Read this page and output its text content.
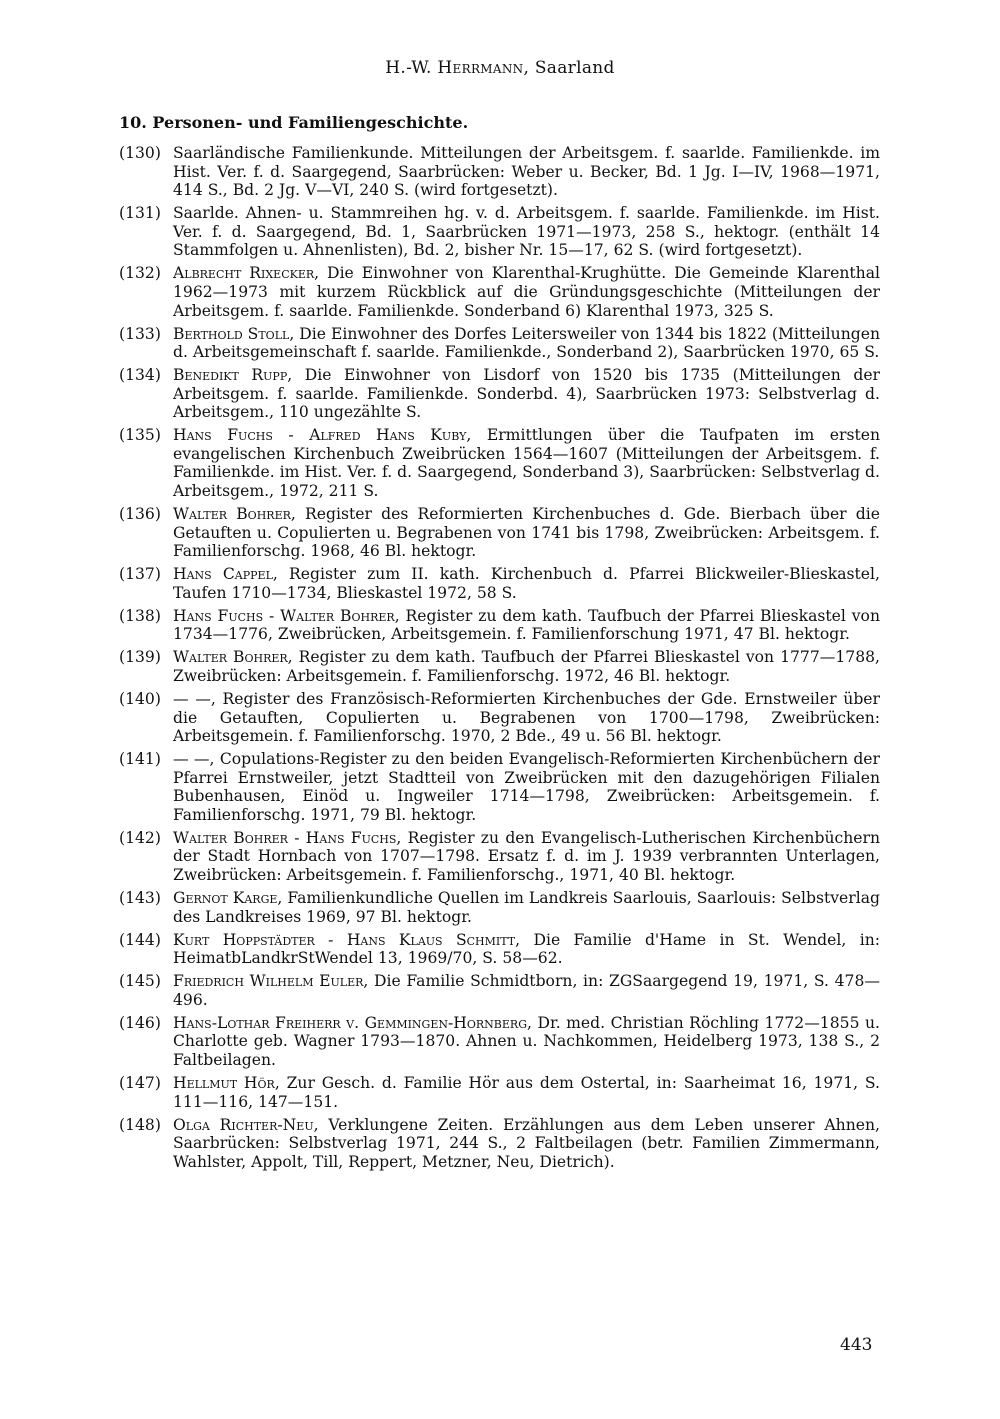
H.-W. Herrmann, Saarland
10. Personen- und Familiengeschichte.
(130) Saarländische Familienkunde. Mitteilungen der Arbeitsgem. f. saarlde. Familienkde. im Hist. Ver. f. d. Saargegend, Saarbrücken: Weber u. Becker, Bd. 1 Jg. I—IV, 1968—1971, 414 S., Bd. 2 Jg. V—VI, 240 S. (wird fortgesetzt).
(131) Saarlde. Ahnen- u. Stammreihen hg. v. d. Arbeitsgem. f. saarlde. Familienkde. im Hist. Ver. f. d. Saargegend, Bd. 1, Saarbrücken 1971—1973, 258 S., hektogr. (enthält 14 Stammfolgen u. Ahnenlisten), Bd. 2, bisher Nr. 15—17, 62 S. (wird fortgesetzt).
(132) Albrecht Rixecker, Die Einwohner von Klarenthal-Krughütte. Die Gemeinde Klarenthal 1962—1973 mit kurzem Rückblick auf die Gründungsgeschichte (Mitteilungen der Arbeitsgem. f. saarlde. Familienkde. Sonderband 6) Klarenthal 1973, 325 S.
(133) Berthold Stoll, Die Einwohner des Dorfes Leitersweiler von 1344 bis 1822 (Mitteilungen d. Arbeitsgemeinschaft f. saarlde. Familienkde., Sonderband 2), Saarbrücken 1970, 65 S.
(134) Benedikt Rupp, Die Einwohner von Lisdorf von 1520 bis 1735 (Mitteilungen der Arbeitsgem. f. saarlde. Familienkde. Sonderbd. 4), Saarbrücken 1973: Selbstverlag d. Arbeitsgem., 110 ungezählte S.
(135) Hans Fuchs - Alfred Hans Kuby, Ermittlungen über die Taufpaten im ersten evangelischen Kirchenbuch Zweibrücken 1564—1607 (Mitteilungen der Arbeitsgem. f. Familienkde. im Hist. Ver. f. d. Saargegend, Sonderband 3), Saarbrücken: Selbstverlag d. Arbeitsgem., 1972, 211 S.
(136) Walter Bohrer, Register des Reformierten Kirchenbuches d. Gde. Bierbach über die Getauften u. Copulierten u. Begrabenen von 1741 bis 1798, Zweibrücken: Arbeitsgem. f. Familienforschg. 1968, 46 Bl. hektogr.
(137) Hans Cappel, Register zum II. kath. Kirchenbuch d. Pfarrei Blickweiler-Blieskastel, Taufen 1710—1734, Blieskastel 1972, 58 S.
(138) Hans Fuchs - Walter Bohrer, Register zu dem kath. Taufbuch der Pfarrei Blieskastel von 1734—1776, Zweibrücken, Arbeitsgemein. f. Familienforschung 1971, 47 Bl. hektogr.
(139) Walter Bohrer, Register zu dem kath. Taufbuch der Pfarrei Blieskastel von 1777—1788, Zweibrücken: Arbeitsgemein. f. Familienforschg. 1972, 46 Bl. hektogr.
(140) — —, Register des Französisch-Reformierten Kirchenbuches der Gde. Ernstweiler über die Getauften, Copulierten u. Begrabenen von 1700—1798, Zweibrücken: Arbeitsgemein. f. Familienforschg. 1970, 2 Bde., 49 u. 56 Bl. hektogr.
(141) — —, Copulations-Register zu den beiden Evangelisch-Reformierten Kirchenbüchern der Pfarrei Ernstweiler, jetzt Stadtteil von Zweibrücken mit den dazugehörigen Filialen Bubenhausen, Einöd u. Ingweiler 1714—1798, Zweibrücken: Arbeitsgemein. f. Familienforschg. 1971, 79 Bl. hektogr.
(142) Walter Bohrer - Hans Fuchs, Register zu den Evangelisch-Lutherischen Kirchenbüchern der Stadt Hornbach von 1707—1798. Ersatz f. d. im J. 1939 verbrannten Unterlagen, Zweibrücken: Arbeitsgemein. f. Familienforschg., 1971, 40 Bl. hektogr.
(143) Gernot Karge, Familienkundliche Quellen im Landkreis Saarlouis, Saarlouis: Selbstverlag des Landkreises 1969, 97 Bl. hektogr.
(144) Kurt Hoppstädter - Hans Klaus Schmitt, Die Familie d'Hame in St. Wendel, in: HeimatbLandkrStWendel 13, 1969/70, S. 58—62.
(145) Friedrich Wilhelm Euler, Die Familie Schmidtborn, in: ZGSaargegend 19, 1971, S. 478—496.
(146) Hans-Lothar Freiherr v. Gemmingen-Hornberg, Dr. med. Christian Röchling 1772—1855 u. Charlotte geb. Wagner 1793—1870. Ahnen u. Nachkommen, Heidelberg 1973, 138 S., 2 Faltbeilagen.
(147) Hellmut Hör, Zur Gesch. d. Familie Hör aus dem Ostertal, in: Saarheimat 16, 1971, S. 111—116, 147—151.
(148) Olga Richter-Neu, Verklungene Zeiten. Erzählungen aus dem Leben unserer Ahnen, Saarbrücken: Selbstverlag 1971, 244 S., 2 Faltbeilagen (betr. Familien Zimmermann, Wahlster, Appolt, Till, Reppert, Metzner, Neu, Dietrich).
443
